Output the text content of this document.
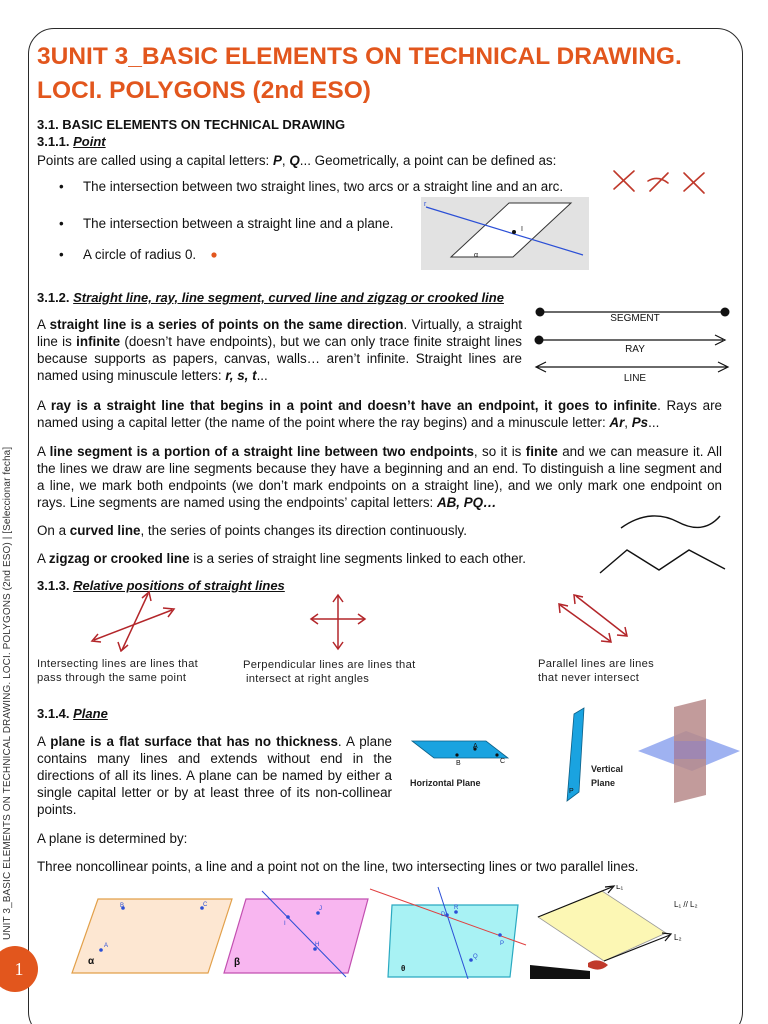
UNIT 3_BASIC ELEMENTS ON TECHNICAL DRAWING. LOCI. POLYGONS (2nd ESO) | [Seleccionar fecha]
1
3UNIT 3_BASIC ELEMENTS ON TECHNICAL DRAWING.
LOCI. POLYGONS (2nd ESO)
3.1. BASIC ELEMENTS ON TECHNICAL DRAWING
3.1.1. Point
Points are called using a capital letters: P, Q... Geometrically, a point can be defined as:
• The intersection between two straight lines, two arcs or a straight line and an arc.
• The intersection between a straight line and a plane.
• A circle of radius 0.
r
I
α
3.1.2. Straight line, ray, line segment, curved line and zigzag or crooked line
A straight line is a series of points on the same direction. Virtually, a straight line is infinite (doesn’t have endpoints), but we can only trace finite straight lines because supports as papers, canvas, walls… aren’t infinite. Straight lines are named using minuscule letters: r, s, t...
SEGMENT
RAY
LINE
A ray is a straight line that begins in a point and doesn’t have an endpoint, it goes to infinite. Rays are named using a capital letter (the name of the point where the ray begins) and a minuscule letter: Ar, Ps...
A line segment is a portion of a straight line between two endpoints, so it is finite and we can measure it. All the lines we draw are line segments because they have a beginning and an end. To distinguish a line segment and a line, we mark both endpoints (we don’t mark endpoints on a straight line), and we only mark one endpoint on rays. Line segments are named using the endpoints’ capital letters: AB, PQ…
On a curved line, the series of points changes its direction continuously.
A zigzag or crooked line is a series of straight line segments linked to each other.
3.1.3. Relative positions of straight lines
Intersecting lines are lines that
pass through the same point
Perpendicular lines are lines that
intersect at right angles
Parallel lines are lines
that never intersect
3.1.4. Plane
A plane is a flat surface that has no thickness. A plane contains many lines and extends without end in the directions of all its lines. A plane can be named by either a single capital letter or by at least three of its non-collinear points.
A plane is determined by:
Three noncollinear points, a line and a point not on the line, two intersecting lines or two parallel lines.
A
B	C
Horizontal Plane
P
Vertical
Plane
B	C
A
α
I
J
H
β
D
R
P
Q
θ
L₁
L₂
L₁ // L₂
